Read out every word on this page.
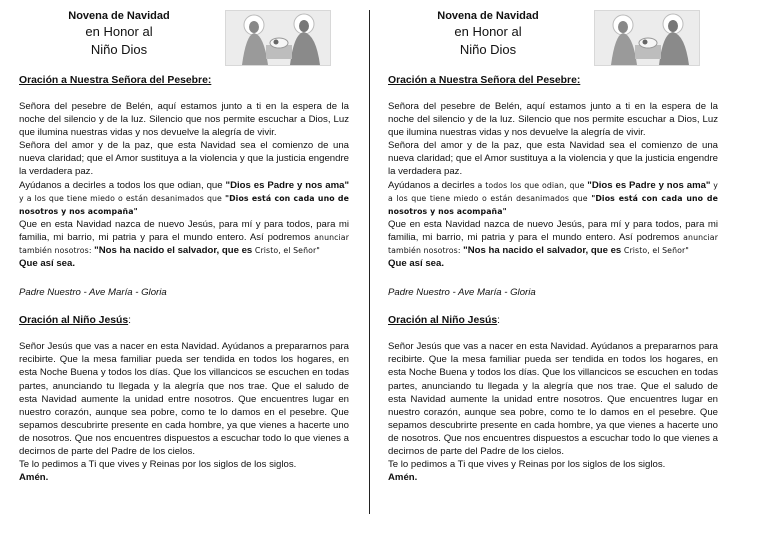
Novena de Navidad
en Honor al
Niño Dios
Oración a Nuestra Señora del Pesebre:

Señora del pesebre de Belén, aquí estamos junto a ti en la espera de la noche del silencio y de la luz. Silencio que nos permite escuchar a Dios, Luz que ilumina nuestras vidas y nos devuelve la alegría de vivir.

Señora del amor y de la paz, que esta Navidad sea el comienzo de una nueva claridad; que el Amor sustituya a la violencia y que la justicia engendre la verdadera paz.

Ayúdanos a decirles a todos los que odian, que "Dios es Padre y nos ama" y a los que tiene miedo o están desanimados que "Dios está con cada uno de nosotros y nos acompaña"

Que en esta Navidad nazca de nuevo Jesús, para mí y para todos, para mi familia, mi barrio, mi patria y para el mundo entero. Así podremos anunciar también nosotros: "Nos ha nacido el salvador, que es Cristo, el Señor"

Que así sea.

Padre Nuestro - Ave María - Gloria
Oración al Niño Jesús:

Señor Jesús que vas a nacer en esta Navidad. Ayúdanos a prepararnos para recibirte. Que la mesa familiar pueda ser tendida en todos los hogares, en esta Noche Buena y todos los días. Que los villancicos se escuchen en todas partes, anunciando tu llegada y la alegría que nos trae. Que el saludo de esta Navidad aumente la unidad entre nosotros. Que encuentres lugar en nuestro corazón, aunque sea pobre, como te lo damos en el pesebre. Que sepamos descubrirte presente en cada hombre, ya que vienes a hacerte uno de nosotros. Que nos encuentres dispuestos a escuchar todo lo que vienes a decirnos de parte del Padre de los cielos.

Te lo pedimos a Ti que vives y Reinas por los siglos de los siglos.

Amén.

Novena de Navidad
en Honor al
Niño Dios
Oración a Nuestra Señora del Pesebre:

Señora del pesebre de Belén, aquí estamos junto a ti en la espera de la noche del silencio y de la luz. Silencio que nos permite escuchar a Dios, Luz que ilumina nuestras vidas y nos devuelve la alegría de vivir.

Señora del amor y de la paz, que esta Navidad sea el comienzo de una nueva claridad; que el Amor sustituya a la violencia y que la justicia engendre la verdadera paz.

Ayúdanos a decirles a todos los que odian, que "Dios es Padre y nos ama" y a los que tiene miedo o están desanimados que "Dios está con cada uno de nosotros y nos acompaña"

Que en esta Navidad nazca de nuevo Jesús, para mí y para todos, para mi familia, mi barrio, mi patria y para el mundo entero. Así podremos anunciar también nosotros: "Nos ha nacido el salvador, que es Cristo, el Señor"

Que así sea.

Padre Nuestro - Ave María - Gloria
Oración al Niño Jesús:

Señor Jesús que vas a nacer en esta Navidad. Ayúdanos a prepararnos para recibirte. Que la mesa familiar pueda ser tendida en todos los hogares, en esta Noche Buena y todos los días. Que los villancicos se escuchen en todas partes, anunciando tu llegada y la alegría que nos trae. Que el saludo de esta Navidad aumente la unidad entre nosotros. Que encuentres lugar en nuestro corazón, aunque sea pobre, como te lo damos en el pesebre. Que sepamos descubrirte presente en cada hombre, ya que vienes a hacerte uno de nosotros. Que nos encuentres dispuestos a escuchar todo lo que vienes a decirnos de parte del Padre de los cielos.

Te lo pedimos a Ti que vives y Reinas por los siglos de los siglos.

Amén.
